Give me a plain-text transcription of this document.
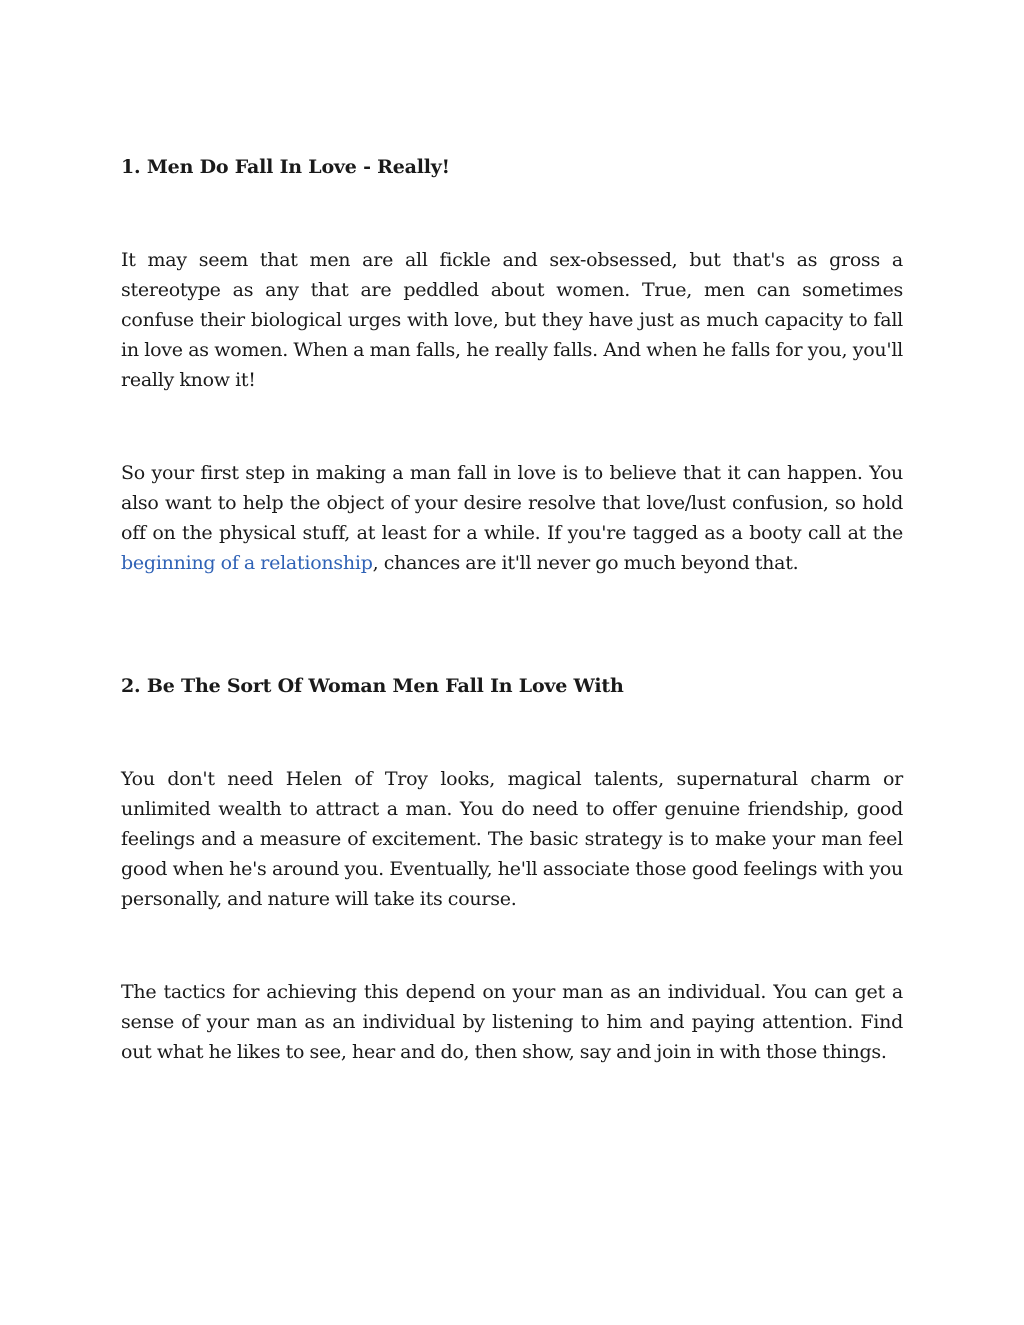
1. Men Do Fall In Love - Really!

It may seem that men are all fickle and sex-obsessed, but that's as gross a stereotype as any that are peddled about women. True, men can sometimes confuse their biological urges with love, but they have just as much capacity to fall in love as women. When a man falls, he really falls. And when he falls for you, you'll really know it!

So your first step in making a man fall in love is to believe that it can happen. You also want to help the object of your desire resolve that love/lust confusion, so hold off on the physical stuff, at least for a while. If you're tagged as a booty call at the beginning of a relationship, chances are it'll never go much beyond that.

2. Be The Sort Of Woman Men Fall In Love With

You don't need Helen of Troy looks, magical talents, supernatural charm or unlimited wealth to attract a man. You do need to offer genuine friendship, good feelings and a measure of excitement. The basic strategy is to make your man feel good when he's around you. Eventually, he'll associate those good feelings with you personally, and nature will take its course.

The tactics for achieving this depend on your man as an individual. You can get a sense of your man as an individual by listening to him and paying attention. Find out what he likes to see, hear and do, then show, say and join in with those things.
